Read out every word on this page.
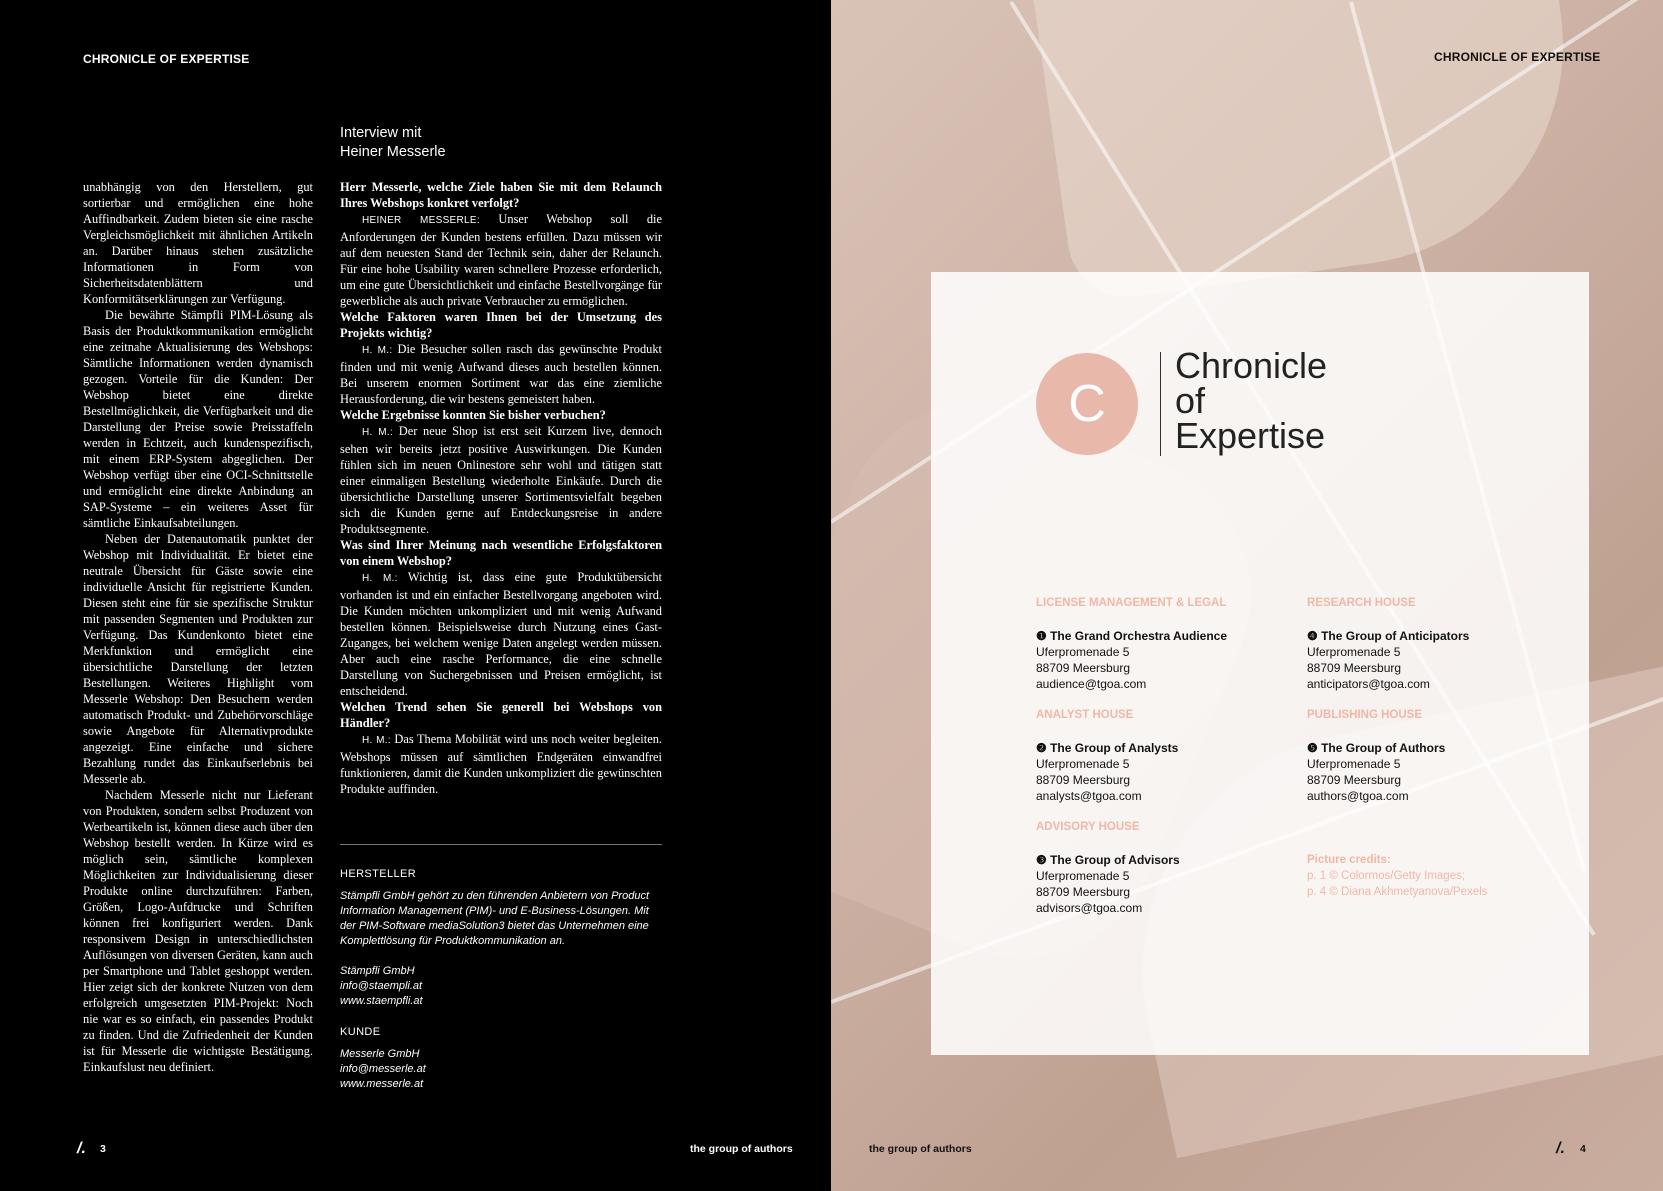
CHRONICLE OF EXPERTISE

unabhängig von den Herstellern, gut sortierbar und ermöglichen eine hohe Auffindbarkeit. Zudem bieten sie eine rasche Vergleichsmöglichkeit mit ähnlichen Artikeln an. Darüber hinaus stehen zusätzliche Informationen in Form von Sicherheitsdatenblättern und Konformitätserklärungen zur Verfügung.

Die bewährte Stämpfli PIM-Lösung als Basis der Produktkommunikation ermöglicht eine zeitnahe Aktualisierung des Webshops: Sämtliche Informationen werden dynamisch gezogen. Vorteile für die Kunden: Der Webshop bietet eine direkte Bestellmöglichkeit, die Verfügbarkeit und die Darstellung der Preise sowie Preisstaffeln werden in Echtzeit, auch kundenspezifisch, mit einem ERP-System abgeglichen. Der Webshop verfügt über eine OCI-Schnittstelle und ermöglicht eine direkte Anbindung an SAP-Systeme – ein weiteres Asset für sämtliche Einkaufsabteilungen.

Neben der Datenautomatik punktet der Webshop mit Individualität. Er bietet eine neutrale Übersicht für Gäste sowie eine individuelle Ansicht für registrierte Kunden. Diesen steht eine für sie spezifische Struktur mit passenden Segmenten und Produkten zur Verfügung. Das Kundenkonto bietet eine Merkfunktion und ermöglicht eine übersichtliche Darstellung der letzten Bestellungen. Weiteres Highlight vom Messerle Webshop: Den Besuchern werden automatisch Produkt- und Zubehörvorschläge sowie Angebote für Alternativprodukte angezeigt. Eine einfache und sichere Bezahlung rundet das Einkaufserlebnis bei Messerle ab.

Nachdem Messerle nicht nur Lieferant von Produkten, sondern selbst Produzent von Werbeartikeln ist, können diese auch über den Webshop bestellt werden. In Kürze wird es möglich sein, sämtliche komplexen Möglichkeiten zur Individualisierung dieser Produkte online durchzuführen: Farben, Größen, Logo-Aufdrucke und Schriften können frei konfiguriert werden. Dank responsivem Design in unterschiedlichsten Auflösungen von diversen Geräten, kann auch per Smartphone und Tablet geshoppt werden. Hier zeigt sich der konkrete Nutzen von dem erfolgreich umgesetzten PIM-Projekt: Noch nie war es so einfach, ein passendes Produkt zu finden. Und die Zufriedenheit der Kunden ist für Messerle die wichtigste Bestätigung. Einkaufslust neu definiert.

Interview mit
Heiner Messerle

Herr Messerle, welche Ziele haben Sie mit dem Relaunch Ihres Webshops konkret verfolgt?

HEINER MESSERLE: Unser Webshop soll die Anforderungen der Kunden bestens erfüllen. Dazu müssen wir auf dem neuesten Stand der Technik sein, daher der Relaunch. Für eine hohe Usability waren schnellere Prozesse erforderlich, um eine gute Übersichtlichkeit und einfache Bestellvorgänge für gewerbliche als auch private Verbraucher zu ermöglichen.

Welche Faktoren waren Ihnen bei der Umsetzung des Projekts wichtig?

H. M.: Die Besucher sollen rasch das gewünschte Produkt finden und mit wenig Aufwand dieses auch bestellen können. Bei unserem enormen Sortiment war das eine ziemliche Herausforderung, die wir bestens gemeistert haben.

Welche Ergebnisse konnten Sie bisher verbuchen?

H. M.: Der neue Shop ist erst seit Kurzem live, dennoch sehen wir bereits jetzt positive Auswirkungen. Die Kunden fühlen sich im neuen Onlinestore sehr wohl und tätigen statt einer einmaligen Bestellung wiederholte Einkäufe. Durch die übersichtliche Darstellung unserer Sortimentsvielfalt begeben sich die Kunden gerne auf Entdeckungsreise in andere Produktsegmente.

Was sind Ihrer Meinung nach wesentliche Erfolgsfaktoren von einem Webshop?

H. M.: Wichtig ist, dass eine gute Produktübersicht vorhanden ist und ein einfacher Bestellvorgang angeboten wird. Die Kunden möchten unkompliziert und mit wenig Aufwand bestellen können. Beispielsweise durch Nutzung eines Gast-Zuganges, bei welchem wenige Daten angelegt werden müssen. Aber auch eine rasche Performance, die eine schnelle Darstellung von Suchergebnissen und Preisen ermöglicht, ist entscheidend.

Welchen Trend sehen Sie generell bei Webshops von Händler?

H. M.: Das Thema Mobilität wird uns noch weiter begleiten. Webshops müssen auf sämtlichen Endgeräten einwandfrei funktionieren, damit die Kunden unkompliziert die gewünschten Produkte auffinden.

HERSTELLER
Stämpfli GmbH gehört zu den führenden Anbietern von Product Information Management (PIM)- und E-Business-Lösungen. Mit der PIM-Software mediaSolution3 bietet das Unternehmen eine Komplettlösung für Produktkommunikation an.
Stämpfli GmbH
info@staempli.at
www.staempfli.at
KUNDE
Messerle GmbH
info@messerle.at
www.messerle.at
/. 3	the group of authors
CHRONICLE OF EXPERTISE
C
Chronicle
of
Expertise
LICENSE MANAGEMENT & LEGAL
❶ The Grand Orchestra Audience
Uferpromenade 5
88709 Meersburg
audience@tgoa.com
ANALYST HOUSE
❷ The Group of Analysts
Uferpromenade 5
88709 Meersburg
analysts@tgoa.com
ADVISORY HOUSE
❸ The Group of Advisors
Uferpromenade 5
88709 Meersburg
advisors@tgoa.com
RESEARCH HOUSE
❹ The Group of Anticipators
Uferpromenade 5
88709 Meersburg
anticipators@tgoa.com
PUBLISHING HOUSE
❺ The Group of Authors
Uferpromenade 5
88709 Meersburg
authors@tgoa.com
Picture credits:
p. 1 © Colormos/Getty Images;
p. 4 © Diana Akhmetyanova/Pexels
the group of authors	/. 4
